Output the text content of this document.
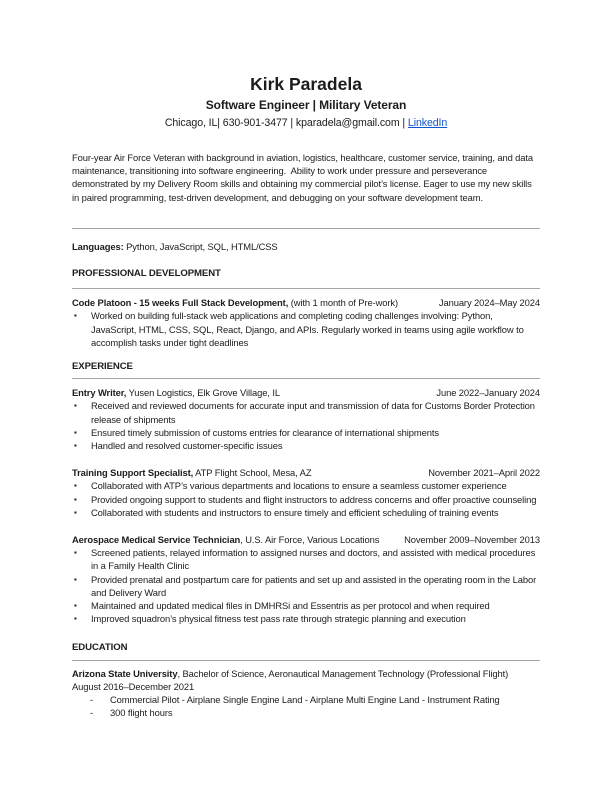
Kirk Paradela
Software Engineer | Military Veteran
Chicago, IL| 630-901-3477 | kparadela@gmail.com | LinkedIn
Four-year Air Force Veteran with background in aviation, logistics, healthcare, customer service, training, and data maintenance, transitioning into software engineering.  Ability to work under pressure and perseverance demonstrated by my Delivery Room skills and obtaining my commercial pilot’s license. Eager to use my new skills in paired programming, test-driven development, and debugging on your software development team.
Languages: Python, JavaScript, SQL, HTML/CSS
PROFESSIONAL DEVELOPMENT
Code Platoon - 15 weeks Full Stack Development, (with 1 month of Pre-work)	January 2024–May 2024
▪	Worked on building full-stack web applications and completing coding challenges involving: Python, JavaScript, HTML, CSS, SQL, React, Django, and APIs. Regularly worked in teams using agile workflow to accomplish tasks under tight deadlines
EXPERIENCE
Entry Writer, Yusen Logistics, Elk Grove Village, IL	June 2022–January 2024
▪	Received and reviewed documents for accurate input and transmission of data for Customs Border Protection release of shipments
▪	Ensured timely submission of customs entries for clearance of international shipments
▪	Handled and resolved customer-specific issues
Training Support Specialist, ATP Flight School, Mesa, AZ	November 2021–April 2022
▪	Collaborated with ATP’s various departments and locations to ensure a seamless customer experience
▪	Provided ongoing support to students and flight instructors to address concerns and offer proactive counseling
▪	Collaborated with students and instructors to ensure timely and efficient scheduling of training events
Aerospace Medical Service Technician, U.S. Air Force, Various Locations	November 2009–November 2013
▪	Screened patients, relayed information to assigned nurses and doctors, and assisted with medical procedures in a Family Health Clinic
▪	Provided prenatal and postpartum care for patients and set up and assisted in the operating room in the Labor and Delivery Ward
▪	Maintained and updated medical files in DMHRSi and Essentris as per protocol and when required
▪	Improved squadron’s physical fitness test pass rate through strategic planning and execution
EDUCATION
Arizona State University, Bachelor of Science, Aeronautical Management Technology (Professional Flight)
August 2016–December 2021
-	Commercial Pilot - Airplane Single Engine Land - Airplane Multi Engine Land - Instrument Rating
-	300 flight hours
